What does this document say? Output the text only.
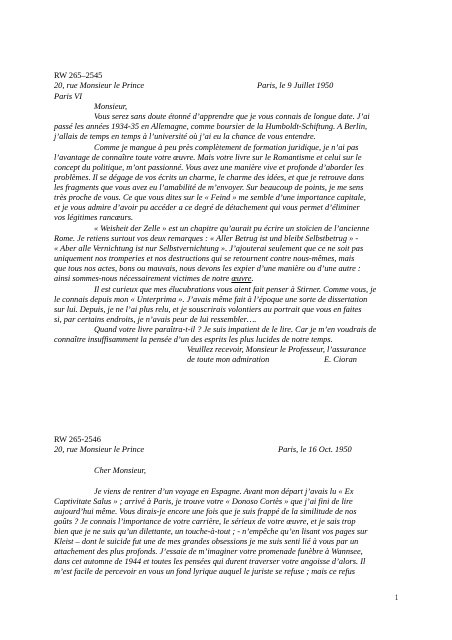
RW 265–2545

20, rue Monsieur le Prince	Paris, le 9 Juillet 1950

Paris VI

Monsieur,

Vous serez sans doute étonné d’apprendre que je vous connais de longue date. J’ai

passé les années 1934-35 en Allemagne, comme boursier de la Humboldt-Schiftung. A Berlin,

j’allais de temps en temps à l’université où j’ai eu la chance de vous entendre.

Comme je mangue à peu près complètement de formation juridique, je n’ai pas

l’avantage de connaître toute votre œuvre. Mais votre livre sur le Romantisme et celui sur le

concept du politique, m’ont passionné. Vous avez une manière vive et profonde d’aborder les

problèmes. Il se dégage de vos écrits un charme, le charme des idées, et que je retrouve dans

les fragments que vous avez eu l’amabilité de m’envoyer. Sur beaucoup de points, je me sens

très proche de vous. Ce que vous dites sur le « Feind » me semble d’une importance capitale,

et je vous admire d’avoir pu accéder a ce degré de détachement qui vous permet d’éliminer

vos légitimes rancœurs.

« Weisheit der Zelle » est un chapitre qu’aurait pu écrire un stoïcien de l’ancienne

Rome. Je retiens surtout vos deux remarques : « Aller Betrug ist und bleibt Selbstbetrug » -

« Aber alle Vernichtung ist nur Selbstvernichtung ». J’ajouterai seulement que ce ne soit pas

uniquement nos tromperies et nos destructions qui se retournent contre nous-mêmes, mais

que tous nos actes, bons ou mauvais, nous devons les expier d’une manière ou d’une autre :

ainsi sommes-nous nécessairement victimes de notre œuvre.

Il est curieux que mes élucubrations vous aient fait penser à Stirner. Comme vous, je

le connais depuis mon « Unterprima ». J’avais même fait à l’époque une sorte de dissertation

sur lui. Depuis, je ne l’ai plus relu, et je souscrirais volontiers au portrait que vous en faites

si, par certains endroits, je n’avais peur de lui ressembler….

Quand votre livre paraîtra-t-il ? Je suis impatient de le lire. Car je m’en voudrais de

connaître insuffisamment la pensée d’un des esprits les plus lucides de notre temps.

Veuillez recevoir, Monsieur le Professeur, l’assurance

de toute mon admiration	E. Cioran

RW 265-2546

20, rue Monsieur le Prince	Paris, le 16 Oct. 1950

Cher Monsieur,

Je viens de rentrer d’un voyage en Espagne. Avant mon départ j’avais lu « Ex

Captivitate Salus » ; arrivé à Paris, je trouve votre « Donoso Cortès » que j’ai fini de lire

aujourd’hui même. Vous dirais-je encore une fois que je suis frappé de la similitude de nos

goûts ? Je connais l’importance de votre carrière, le sérieux de votre œuvre, et je sais trop

bien que je ne suis qu’un dilettante, un touche-à-tout ; - n’empêche qu’en lisant vos pages sur

Kleist – dont le suicide fut une de mes grandes obsessions je me suis senti lié à vous par un

attachement des plus profonds. J’essaie de m’imaginer votre promenade funèbre à Wannsee,

dans cet automne de 1944 et toutes les pensées qui durent traverser votre angoisse d’alors. Il

m’est facile de percevoir en vous un fond lyrique auquel le juriste se refuse ; mais ce refus

1
